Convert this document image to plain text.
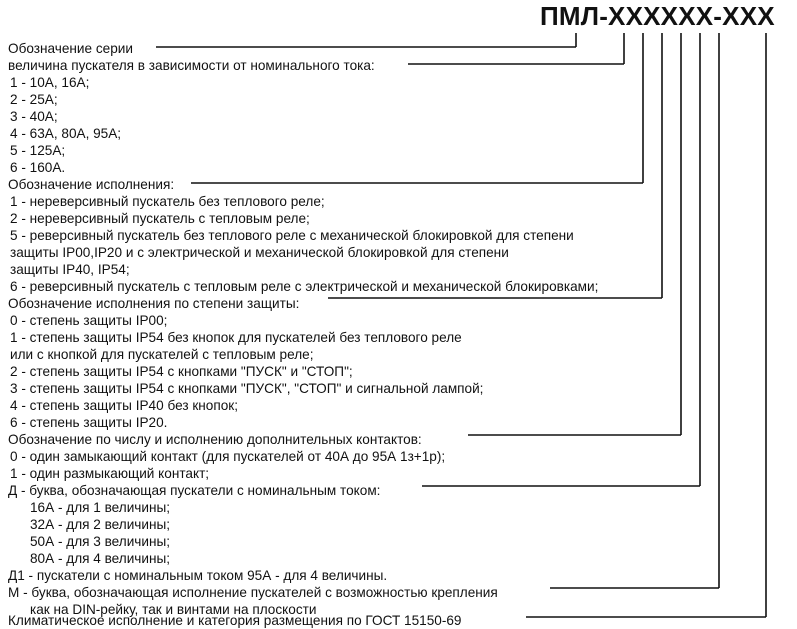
ПМЛ-XXXXXX-XXX
Обозначение серии
величина пускателя в зависимости от номинального тока:
1 - 10А, 16А;
2 - 25А;
3 - 40А;
4 - 63А, 80А, 95А;
5 - 125А;
6 - 160А.
Обозначение исполнения:
1 - нереверсивный пускатель без теплового реле;
2 - нереверсивный пускатель с тепловым реле;
5 - реверсивный пускатель без теплового реле с механической блокировкой для степени
защиты IP00,IP20 и с электрической и механической блокировкой для степени
защиты IP40, IP54;
6 - реверсивный пускатель с тепловым реле с электрической и механической блокировками;
Обозначение исполнения по степени защиты:
0 - степень защиты IP00;
1 - степень защиты IP54 без кнопок для пускателей без теплового реле
или с кнопкой для пускателей с тепловым реле;
2 - степень защиты IP54 с кнопками "ПУСК" и "СТОП";
3 - степень защиты IP54 с кнопками "ПУСК", "СТОП" и сигнальной лампой;
4 - степень защиты IP40 без кнопок;
6 - степень защиты IP20.
Обозначение по числу и исполнению дополнительных контактов:
0 - один замыкающий контакт (для пускателей от 40А до 95А 1з+1р);
1 - один размыкающий контакт;
Д - буква, обозначающая пускатели с номинальным током:
16А - для 1 величины;
32А - для 2 величины;
50А - для 3 величины;
80А - для 4 величины;
Д1 - пускатели с номинальным током 95А - для 4 величины.
М - буква, обозначающая исполнение пускателей с возможностью крепления
как на DIN-рейку, так и винтами на плоскости
Климатическое исполнение и категория размещения по ГОСТ 15150-69
